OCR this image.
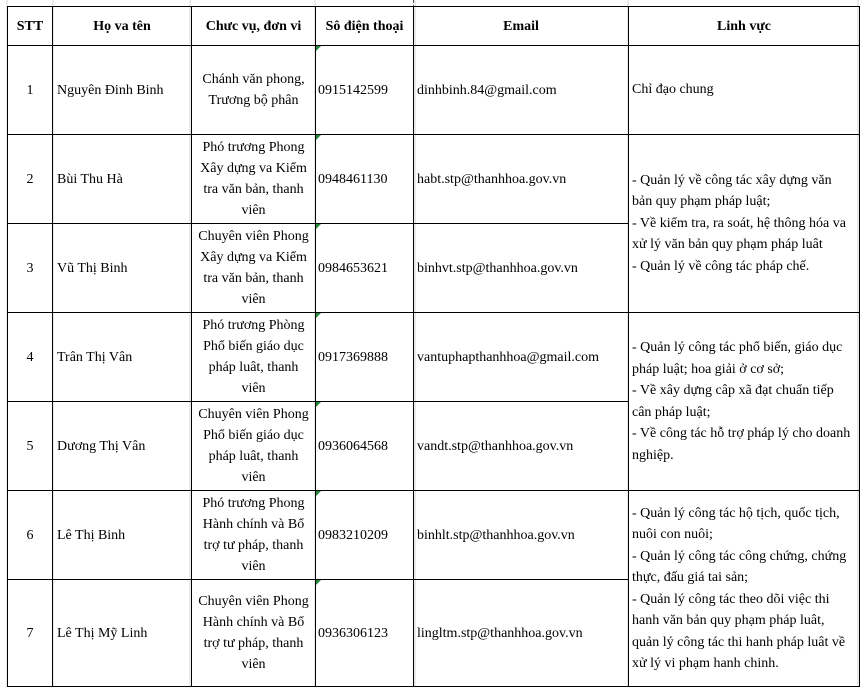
STT	Họ va tên	Chưc vụ, đơn vi	Sô điện thoại	Email	Linh vực
1	Nguyên Đinh Binh	Chánh văn phong, Trương bộ phân	0915142599	dinhbinh.84@gmail.com	Chỉ đạo chung
2	Bùi Thu Hà	Phó trương Phong Xây dựng va Kiểm tra văn bản, thanh viên	0948461130	habt.stp@thanhhoa.gov.vn	- Quản lý về công tác xây dựng văn bản quy phạm pháp luật;
- Về kiểm tra, ra soát, hệ thông hóa va xử lý văn bản quy phạm pháp luât
- Quản lý về công tác pháp chế.
3	Vũ Thị Binh	Chuyên viên Phong Xây dựng va Kiểm tra văn bản, thanh viên	0984653621	binhvt.stp@thanhhoa.gov.vn	
4	Trân Thị Vân	Phó trương Phòng Phổ biến giáo dục pháp luât, thanh viên	0917369888	vantuphapthanhhoa@gmail.com	- Quản lý công tác phổ biến, giáo dục pháp luật; hoa giải ở cơ sở;
- Về xây dựng câp xã đạt chuẩn tiếp cân pháp luật;
- Về công tác hỗ trợ pháp lý cho doanh nghiệp.
5	Dương Thị Vân	Chuyên viên Phong Phổ biến giáo dục pháp luât, thanh viên	0936064568	vandt.stp@thanhhoa.gov.vn	
6	Lê Thị Binh	Phó trương Phong Hành chính và Bổ trợ tư pháp, thanh viên	0983210209	binhlt.stp@thanhhoa.gov.vn	- Quản lý công tác hộ tịch, quốc tịch, nuôi con nuôi;
- Quản lý công tác công chứng, chứng thực, đấu giá tai sản;
- Quản lý công tác theo dõi việc thi hanh văn bản quy phạm pháp luât, quản lý công tác thi hanh pháp luât về xử lý vi phạm hanh chinh.
7	Lê Thị Mỹ Linh	Chuyên viên Phong Hành chính và Bổ trợ tư pháp, thanh viên	0936306123	lingltm.stp@thanhhoa.gov.vn	
